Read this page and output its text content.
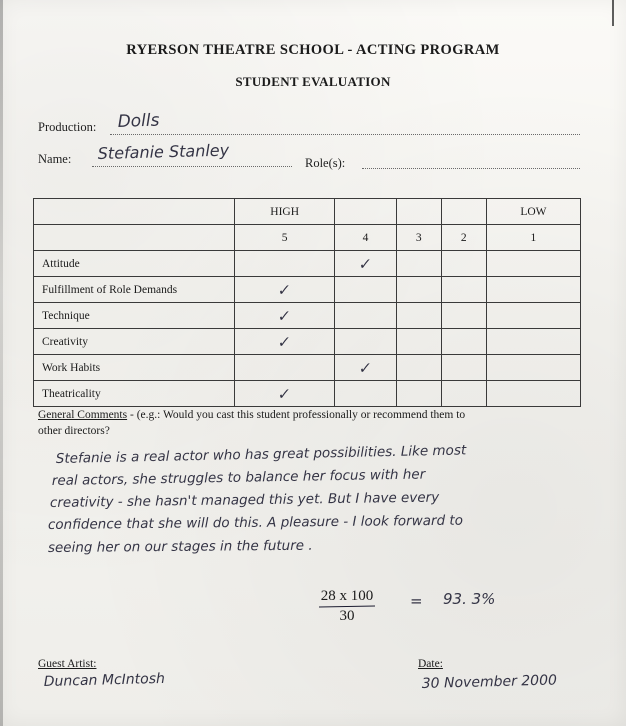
RYERSON THEATRE SCHOOL - ACTING PROGRAM
STUDENT EVALUATION
Production: Dolls
Name: Stefanie Stanley	Role(s):
	HIGH				LOW
	5	4	3	2	1
Attitude		✓			
Fulfillment of Role Demands	✓				
Technique	✓				
Creativity	✓				
Work Habits		✓			
Theatricality	✓				
General Comments - (e.g.: Would you cast this student professionally or recommend them to
other directors?
Stefanie is a real actor who has great possibilities. Like most
real actors, she struggles to balance her focus with her
creativity - she hasn't managed this yet. But I have every
confidence that she will do this. A pleasure - I look forward to
seeing her on our stages in the future .
28 x 100
30
= 93. 3%
Guest Artist:
Duncan McIntosh
Date:
30 November 2000
